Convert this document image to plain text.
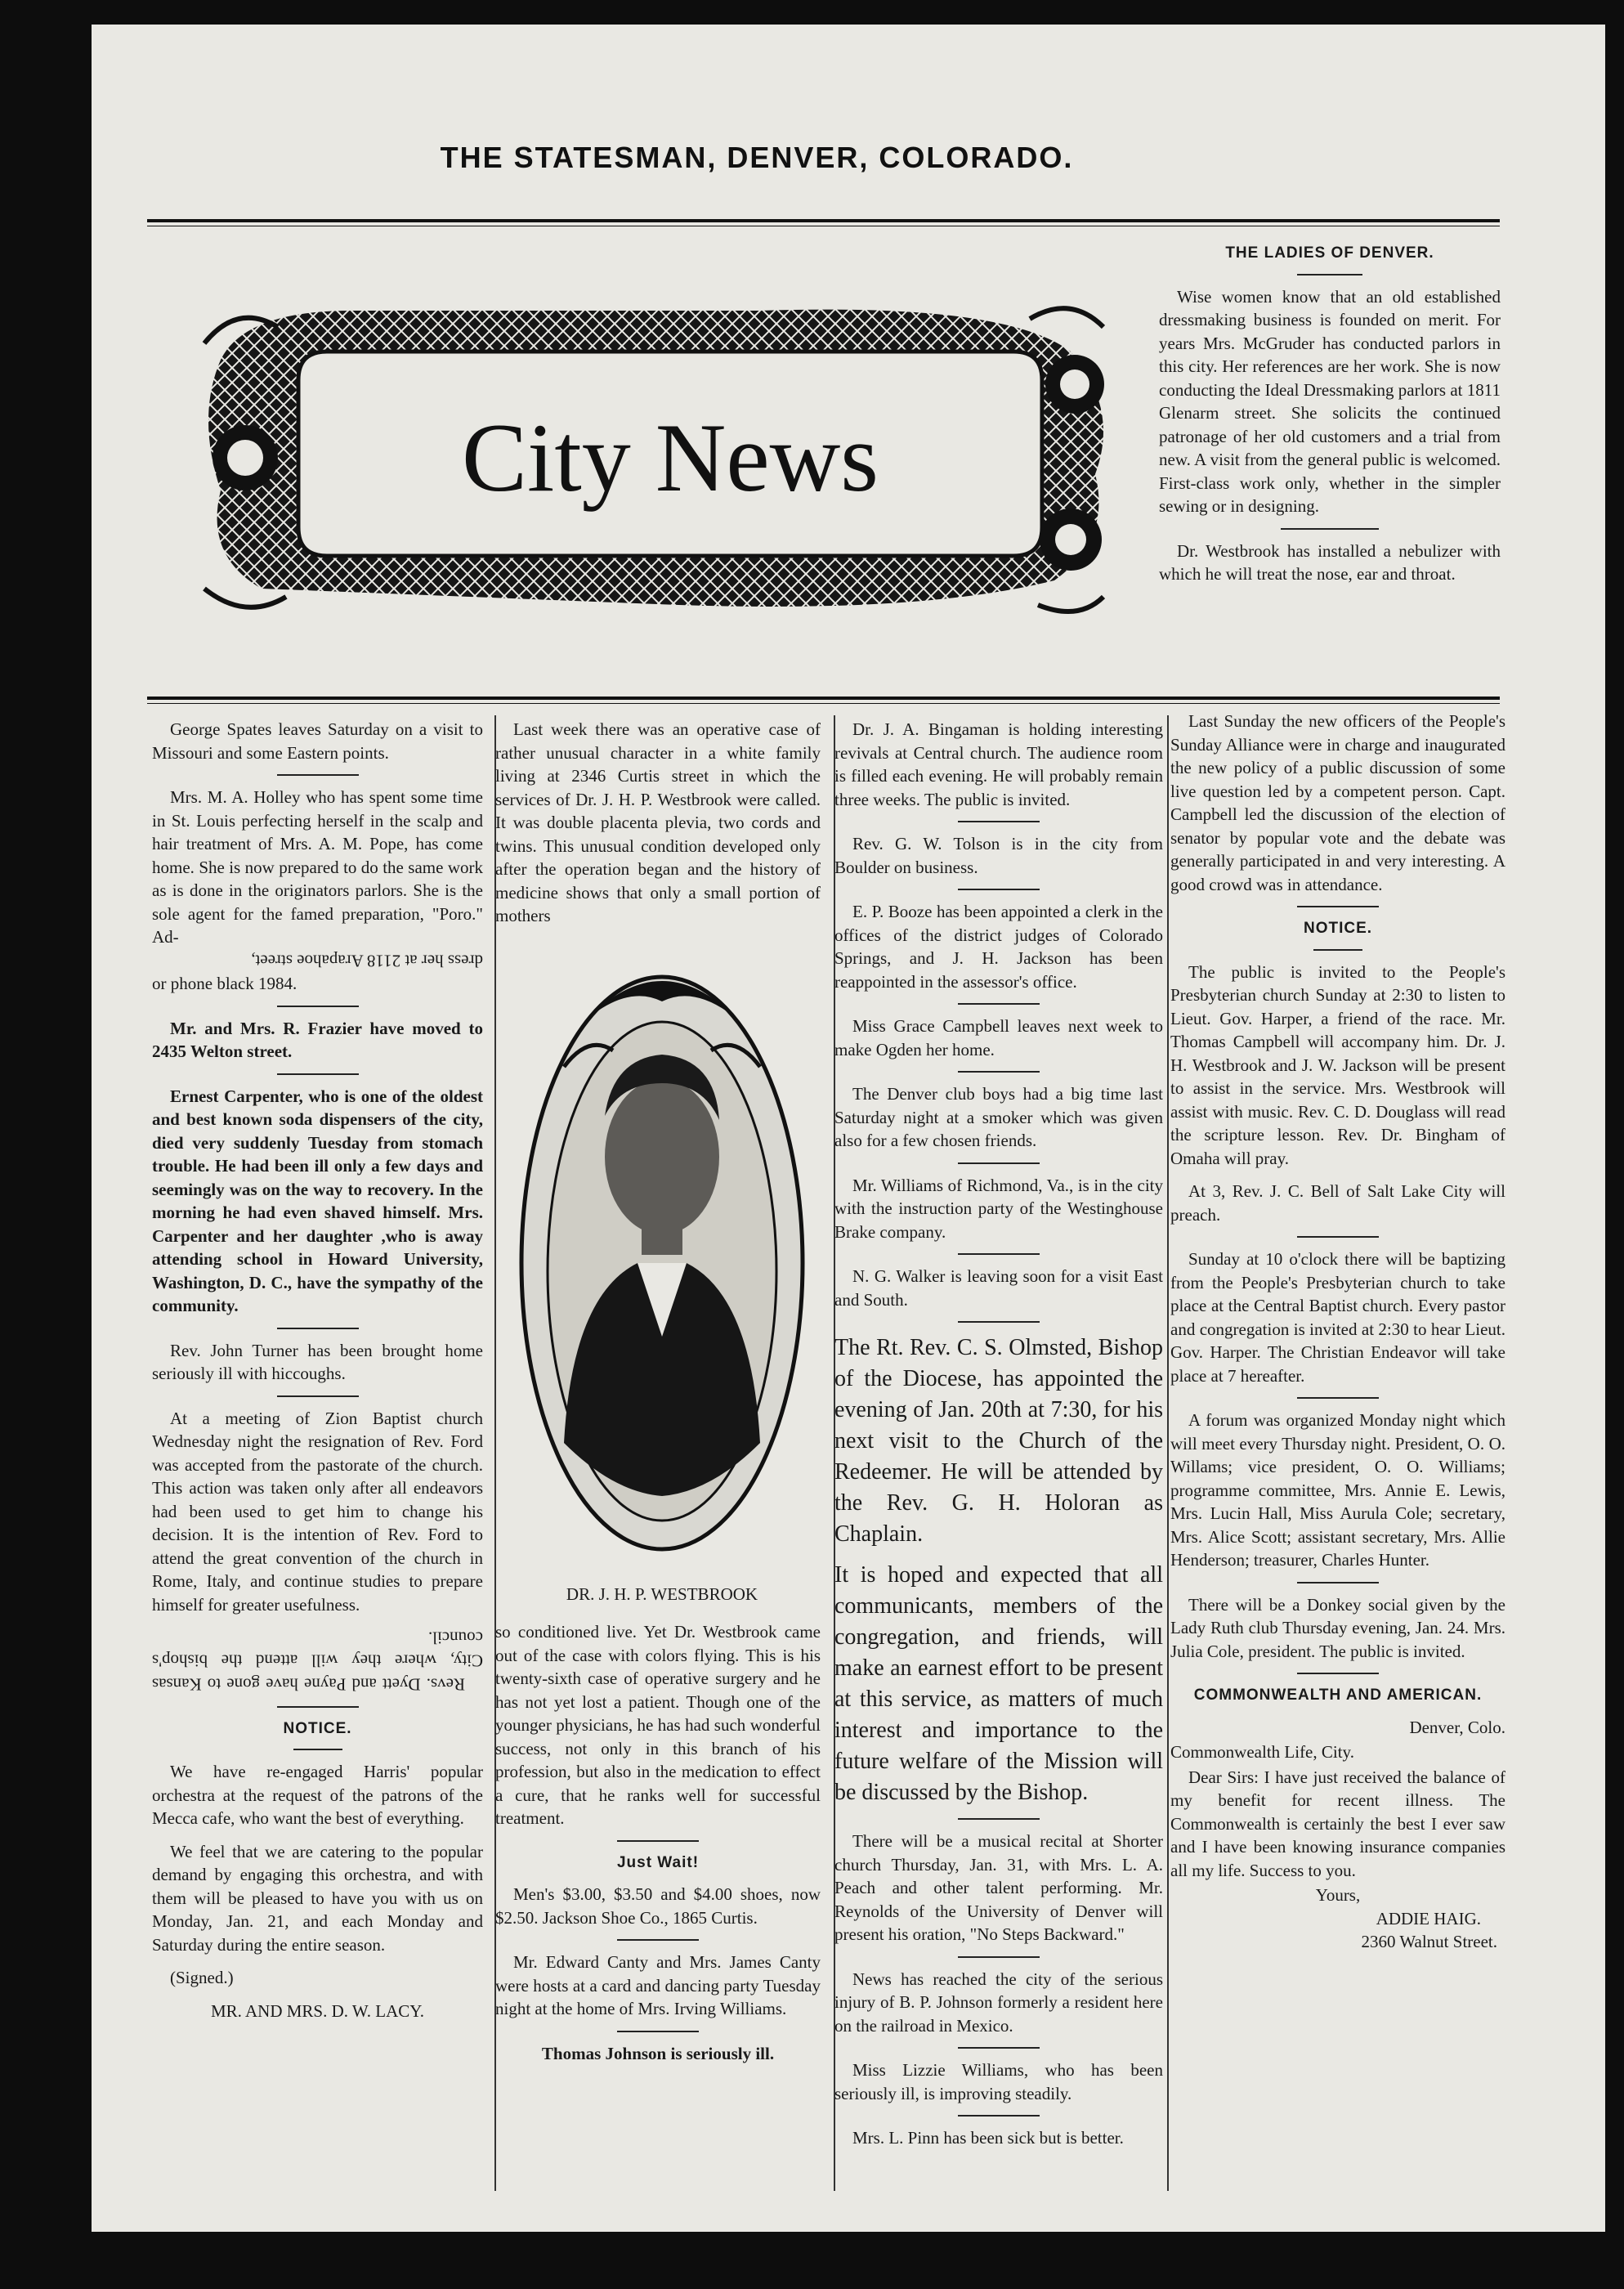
THE STATESMAN, DENVER, COLORADO.
City News
THE LADIES OF DENVER.

Wise women know that an old established dressmaking business is founded on merit. For years Mrs. McGruder has conducted parlors in this city. Her references are her work. She is now conducting the Ideal Dressmaking parlors at 1811 Glenarm street. She solicits the continued patronage of her old customers and a trial from new. A visit from the general public is welcomed. First-class work only, whether in the simpler sewing or in designing.

Dr. Westbrook has installed a nebulizer with which he will treat the nose, ear and throat.

George Spates leaves Saturday on a visit to Missouri and some Eastern points.

Mrs. M. A. Holley who has spent some time in St. Louis perfecting herself in the scalp and hair treatment of Mrs. A. M. Pope, has come home. She is now prepared to do the same work as is done in the originators parlors. She is the sole agent for the famed preparation, "Poro." Ad-

dress her at 2118 Arapahoe street,

or phone black 1984.

Mr. and Mrs. R. Frazier have moved to 2435 Welton street.

Ernest Carpenter, who is one of the oldest and best known soda dispensers of the city, died very suddenly Tuesday from stomach trouble. He had been ill only a few days and seemingly was on the way to recovery. In the morning he had even shaved himself. Mrs. Carpenter and her daughter ,who is away attending school in Howard University, Washington, D. C., have the sympathy of the community.

Rev. John Turner has been brought home seriously ill with hiccoughs.

At a meeting of Zion Baptist church Wednesday night the resignation of Rev. Ford was accepted from the pastorate of the church. This action was taken only after all endeavors had been used to get him to change his decision. It is the intention of Rev. Ford to attend the great convention of the church in Rome, Italy, and continue studies to prepare himself for greater usefulness.

Revs. Dyett and Payne have gone to Kansas City, where they will attend the bishop's council.

NOTICE.

We have re-engaged Harris' popular orchestra at the request of the patrons of the Mecca cafe, who want the best of everything.

We feel that we are catering to the popular demand by engaging this orchestra, and with them will be pleased to have you with us on Monday, Jan. 21, and each Monday and Saturday during the entire season.

(Signed.)

MR. AND MRS. D. W. LACY.

Last week there was an operative case of rather unusual character in a white family living at 2346 Curtis street in which the services of Dr. J. H. P. Westbrook were called. It was double placenta plevia, two cords and twins. This unusual condition developed only after the operation began and the history of medicine shows that only a small portion of mothers

DR. J. H. P. WESTBROOK

so conditioned live. Yet Dr. Westbrook came out of the case with colors flying. This is his twenty-sixth case of operative surgery and he has not yet lost a patient. Though one of the younger physicians, he has had such wonderful success, not only in this branch of his profession, but also in the medication to effect a cure, that he ranks well for successful treatment.

Just Wait!

Men's $3.00, $3.50 and $4.00 shoes, now $2.50. Jackson Shoe Co., 1865 Curtis.

Mr. Edward Canty and Mrs. James Canty were hosts at a card and dancing party Tuesday night at the home of Mrs. Irving Williams.

Thomas Johnson is seriously ill.

Dr. J. A. Bingaman is holding interesting revivals at Central church. The audience room is filled each evening. He will probably remain three weeks. The public is invited.

Rev. G. W. Tolson is in the city from Boulder on business.

E. P. Booze has been appointed a clerk in the offices of the district judges of Colorado Springs, and J. H. Jackson has been reappointed in the assessor's office.

Miss Grace Campbell leaves next week to make Ogden her home.

The Denver club boys had a big time last Saturday night at a smoker which was given also for a few chosen friends.

Mr. Williams of Richmond, Va., is in the city with the instruction party of the Westinghouse Brake company.

N. G. Walker is leaving soon for a visit East and South.

The Rt. Rev. C. S. Olmsted, Bishop of the Diocese, has appointed the evening of Jan. 20th at 7:30, for his next visit to the Church of the Redeemer. He will be attended by the Rev. G. H. Holoran as Chaplain.

It is hoped and expected that all communicants, members of the congregation, and friends, will make an earnest effort to be present at this service, as matters of much interest and importance to the future welfare of the Mission will be discussed by the Bishop.

There will be a musical recital at Shorter church Thursday, Jan. 31, with Mrs. L. A. Peach and other talent performing. Mr. Reynolds of the University of Denver will present his oration, "No Steps Backward."

News has reached the city of the serious injury of B. P. Johnson formerly a resident here on the railroad in Mexico.

Miss Lizzie Williams, who has been seriously ill, is improving steadily.

Mrs. L. Pinn has been sick but is better.

Last Sunday the new officers of the People's Sunday Alliance were in charge and inaugurated the new policy of a public discussion of some live question led by a competent person. Capt. Campbell led the discussion of the election of senator by popular vote and the debate was generally participated in and very interesting. A good crowd was in attendance.

NOTICE.

The public is invited to the People's Presbyterian church Sunday at 2:30 to listen to Lieut. Gov. Harper, a friend of the race. Mr. Thomas Campbell will accompany him. Dr. J. H. Westbrook and J. W. Jackson will be present to assist in the service. Mrs. Westbrook will assist with music. Rev. C. D. Douglass will read the scripture lesson. Rev. Dr. Bingham of Omaha will pray.

At 3, Rev. J. C. Bell of Salt Lake City will preach.

Sunday at 10 o'clock there will be baptizing from the People's Presbyterian church to take place at the Central Baptist church. Every pastor and congregation is invited at 2:30 to hear Lieut. Gov. Harper. The Christian Endeavor will take place at 7 hereafter.

A forum was organized Monday night which will meet every Thursday night. President, O. O. Willams; vice president, O. O. Williams; programme committee, Mrs. Annie E. Lewis, Mrs. Lucin Hall, Miss Aurula Cole; secretary, Mrs. Alice Scott; assistant secretary, Mrs. Allie Henderson; treasurer, Charles Hunter.

There will be a Donkey social given by the Lady Ruth club Thursday evening, Jan. 24. Mrs. Julia Cole, president. The public is invited.

COMMONWEALTH AND AMERICAN.

Denver, Colo.

Commonwealth Life, City.

Dear Sirs: I have just received the balance of my benefit for recent illness. The Commonwealth is certainly the best I ever saw and I have been knowing insurance companies all my life. Success to you.

Yours,

ADDIE HAIG.

2360 Walnut Street.
